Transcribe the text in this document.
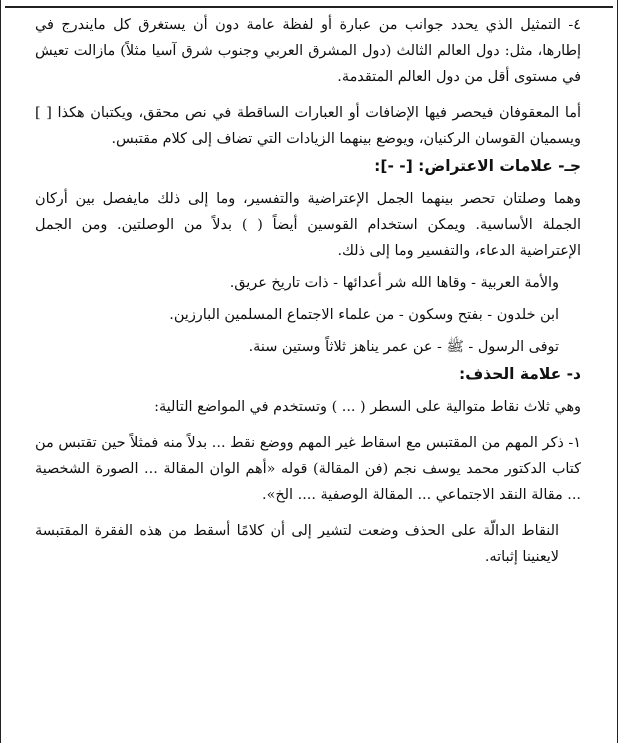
٤- التمثيل الذي يحدد جوانب من عبارة أو لفظة عامة دون أن يستغرق كل مايندرج في إطارها، مثل: دول العالم الثالث (دول المشرق العربي وجنوب شرق آسيا مثلاً) مازالت تعيش في مستوى أقل من دول العالم المتقدمة.

أما المعقوفان فيحصر فيها الإضافات أو العبارات الساقطة في نص محقق، ويكتبان هكذا [ ] ويسميان القوسان الركنيان، ويوضع بينهما الزيادات التي تضاف إلى كلام مقتبس.

جـ- علامات الاعتراض: [- -]:

وهما وصلتان تحصر بينهما الجمل الإعتراضية والتفسير، وما إلى ذلك مايفصل بين أركان الجملة الأساسية. ويمكن استخدام القوسين أيضاً ( ) بدلاً من الوصلتين. ومن الجمل الإعتراضية الدعاء، والتفسير وما إلى ذلك.

والأمة العربية - وقاها الله شر أعدائها - ذات تاريخ عريق.

ابن خلدون - بفتح وسكون - من علماء الاجتماع المسلمين البارزين.

توفى الرسول - ﷺ - عن عمر يناهز ثلاثاً وستين سنة.

د- علامة الحذف:

وهي ثلاث نقاط متوالية على السطر ( ... ) وتستخدم في المواضع التالية:

١- ذكر المهم من المقتبس مع اسقاط غير المهم ووضع نقط ... بدلاً منه فمثلاً حين تقتبس من كتاب الدكتور محمد يوسف نجم (فن المقالة) قوله «أهم الوان المقالة ... الصورة الشخصية ... مقالة النقد الاجتماعي ... المقالة الوصفية .... الخ».

النقاط الدالّة على الحذف وضعت لتشير إلى أن كلامًا أسقط من هذه الفقرة المقتبسة لايعنينا إثباته.
